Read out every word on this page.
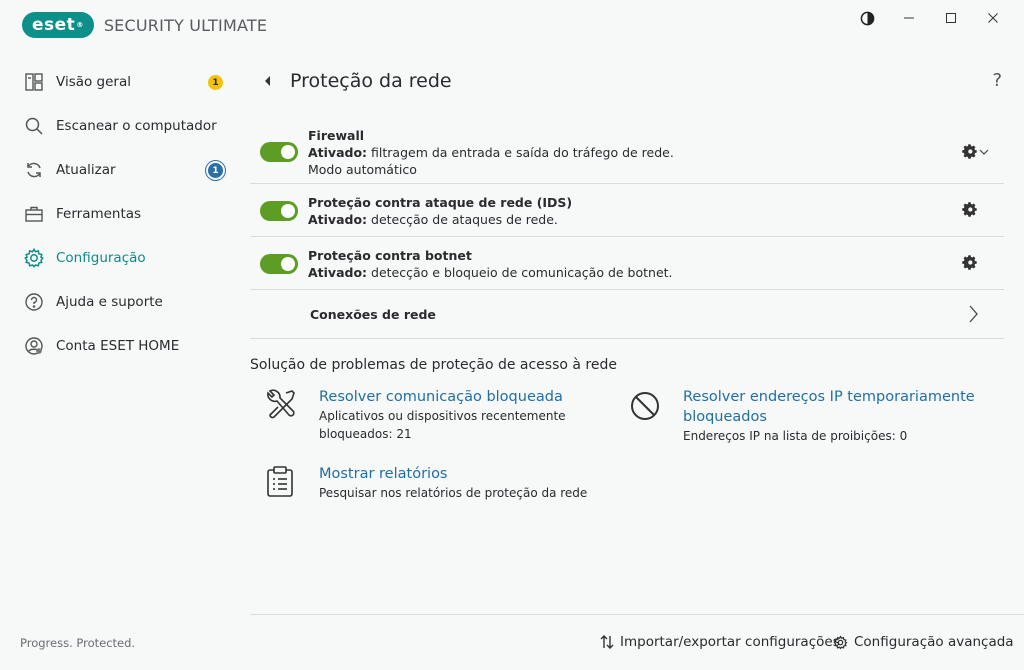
eset ® SECURITY ULTIMATE
Visão geral	1
Escanear o computador
Atualizar	1
Ferramentas
Configuração
Ajuda e suporte
Conta ESET HOME
Progress. Protected.
Proteção da rede	?
Firewall
Ativado: filtragem da entrada e saída do tráfego de rede.
Modo automático
Proteção contra ataque de rede (IDS)
Ativado: detecção de ataques de rede.
Proteção contra botnet
Ativado: detecção e bloqueio de comunicação de botnet.
Conexões de rede
Solução de problemas de proteção de acesso à rede
Resolver comunicação bloqueada
Aplicativos ou dispositivos recentemente
bloqueados: 21
Resolver endereços IP temporariamente
bloqueados
Endereços IP na lista de proibições: 0
Mostrar relatórios
Pesquisar nos relatórios de proteção da rede
Importar/exportar configurações Configuração avançada
